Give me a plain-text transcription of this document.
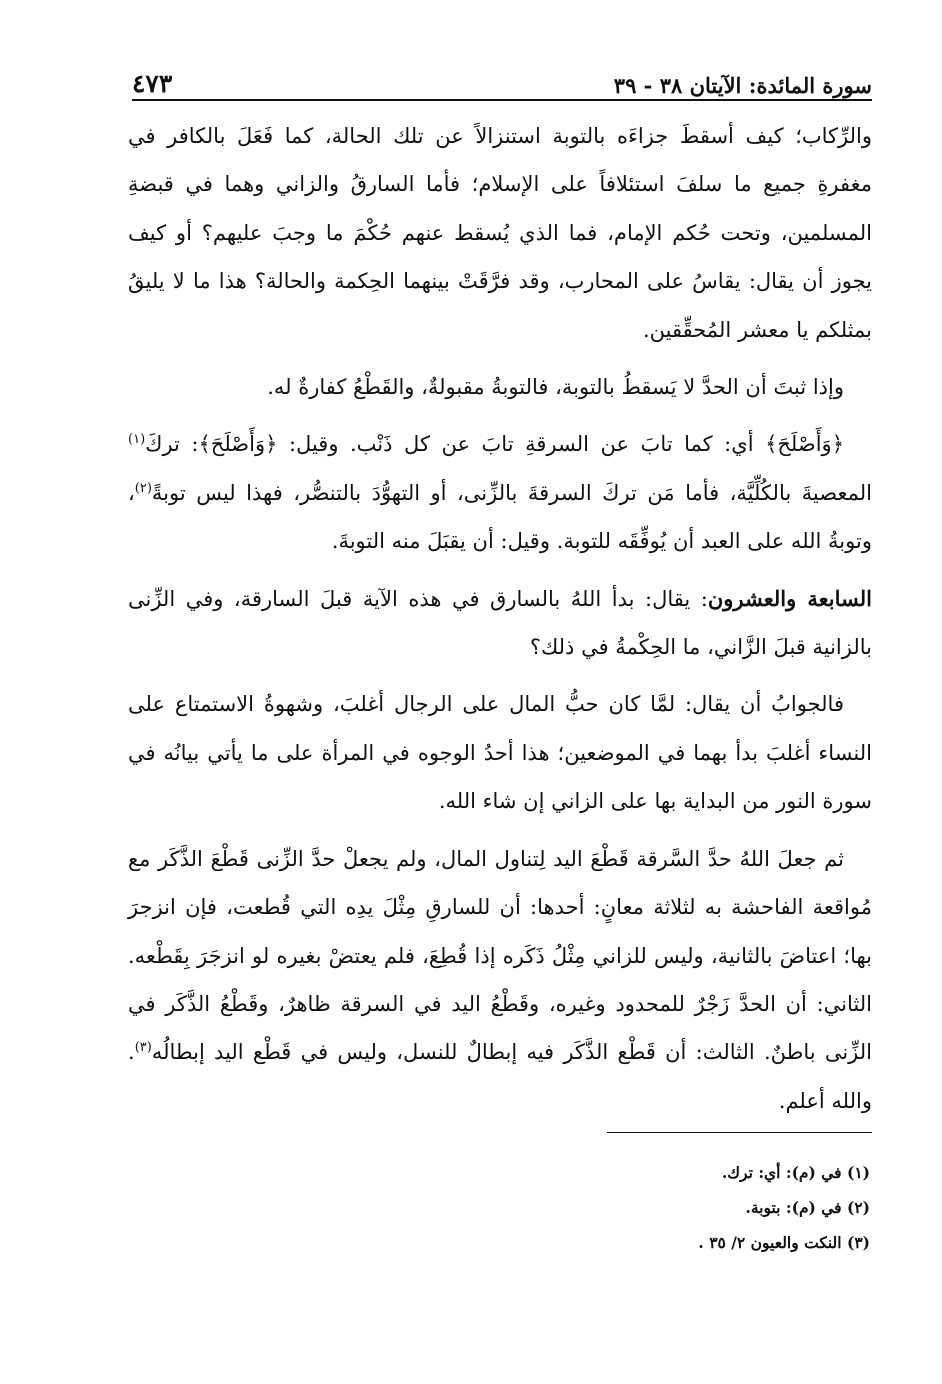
سورة المائدة: الآيتان ٣٨ - ٣٩
٤٧٣

والرِّكاب؛ كيف أسقطَ جزاءَه بالتوبة استنزالاً عن تلك الحالة، كما فَعَلَ بالكافر في مغفرةِ جميع ما سلفَ استئلافاً على الإسلام؛ فأما السارقُ والزاني وهما في قبضةِ المسلمين، وتحت حُكم الإمام، فما الذي يُسقط عنهم حُكْمَ ما وجبَ عليهم؟ أو كيف يجوز أن يقال: يقاسُ على المحارب، وقد فرَّقَتْ بينهما الحِكمة والحالة؟ هذا ما لا يليقُ بمثلكم يا معشر المُحقِّقين.

وإذا ثبتَ أن الحدَّ لا يَسقطُ بالتوبة، فالتوبةُ مقبولةٌ، والقَطْعُ كفارةٌ له.

﴿وَأَصْلَحَ﴾ أي: كما تابَ عن السرقةِ تابَ عن كل ذَنْب. وقيل: ﴿وَأَصْلَحَ﴾: تركَ$^{(١)}$ المعصيةَ بالكُلِّيَّة، فأما مَن تركَ السرقةَ بالزِّنى، أو التهوُّدَ بالتنصُّر، فهذا ليس توبةً$^{(٢)}$، وتوبةُ الله على العبد أن يُوفِّقَه للتوبة. وقيل: أن يقبَلَ منه التوبةَ.

السابعة والعشرون: يقال: بدأ اللهُ بالسارق في هذه الآية قبلَ السارقة، وفي الزِّنى بالزانية قبلَ الزَّاني، ما الحِكْمةُ في ذلك؟

فالجوابُ أن يقال: لمَّا كان حبُّ المال على الرجال أغلبَ، وشهوةُ الاستمتاع على النساء أغلبَ بدأ بهما في الموضعين؛ هذا أحدُ الوجوه في المرأة على ما يأتي بيانُه في سورة النور من البداية بها على الزاني إن شاء الله.

ثم جعلَ اللهُ حدَّ السَّرقة قَطْعَ اليد لِتناول المال، ولم يجعلْ حدَّ الزِّنى قَطْعَ الذَّكَر مع مُواقعة الفاحشة به لثلاثة معانٍ: أحدها: أن للسارقِ مِثْلَ يدِه التي قُطعت، فإن انزجرَ بها؛ اعتاضَ بالثانية، وليس للزاني مِثْلُ ذَكَره إذا قُطِعَ، فلم يعتضْ بغيره لو انزجَرَ بِقَطْعه. الثاني: أن الحدَّ زَجْرٌ للمحدود وغيره، وقَطْعُ اليد في السرقة ظاهرٌ، وقَطْعُ الذَّكَر في الزِّنى باطنٌ. الثالث: أن قَطْع الذَّكَر فيه إبطالٌ للنسل، وليس في قَطْع اليد إبطالُه$^{(٣)}$. والله أعلم.

(١) في (م): أي: ترك.
(٢) في (م): بتوبة.
(٣) النكت والعيون ٢/ ٣٥ .
